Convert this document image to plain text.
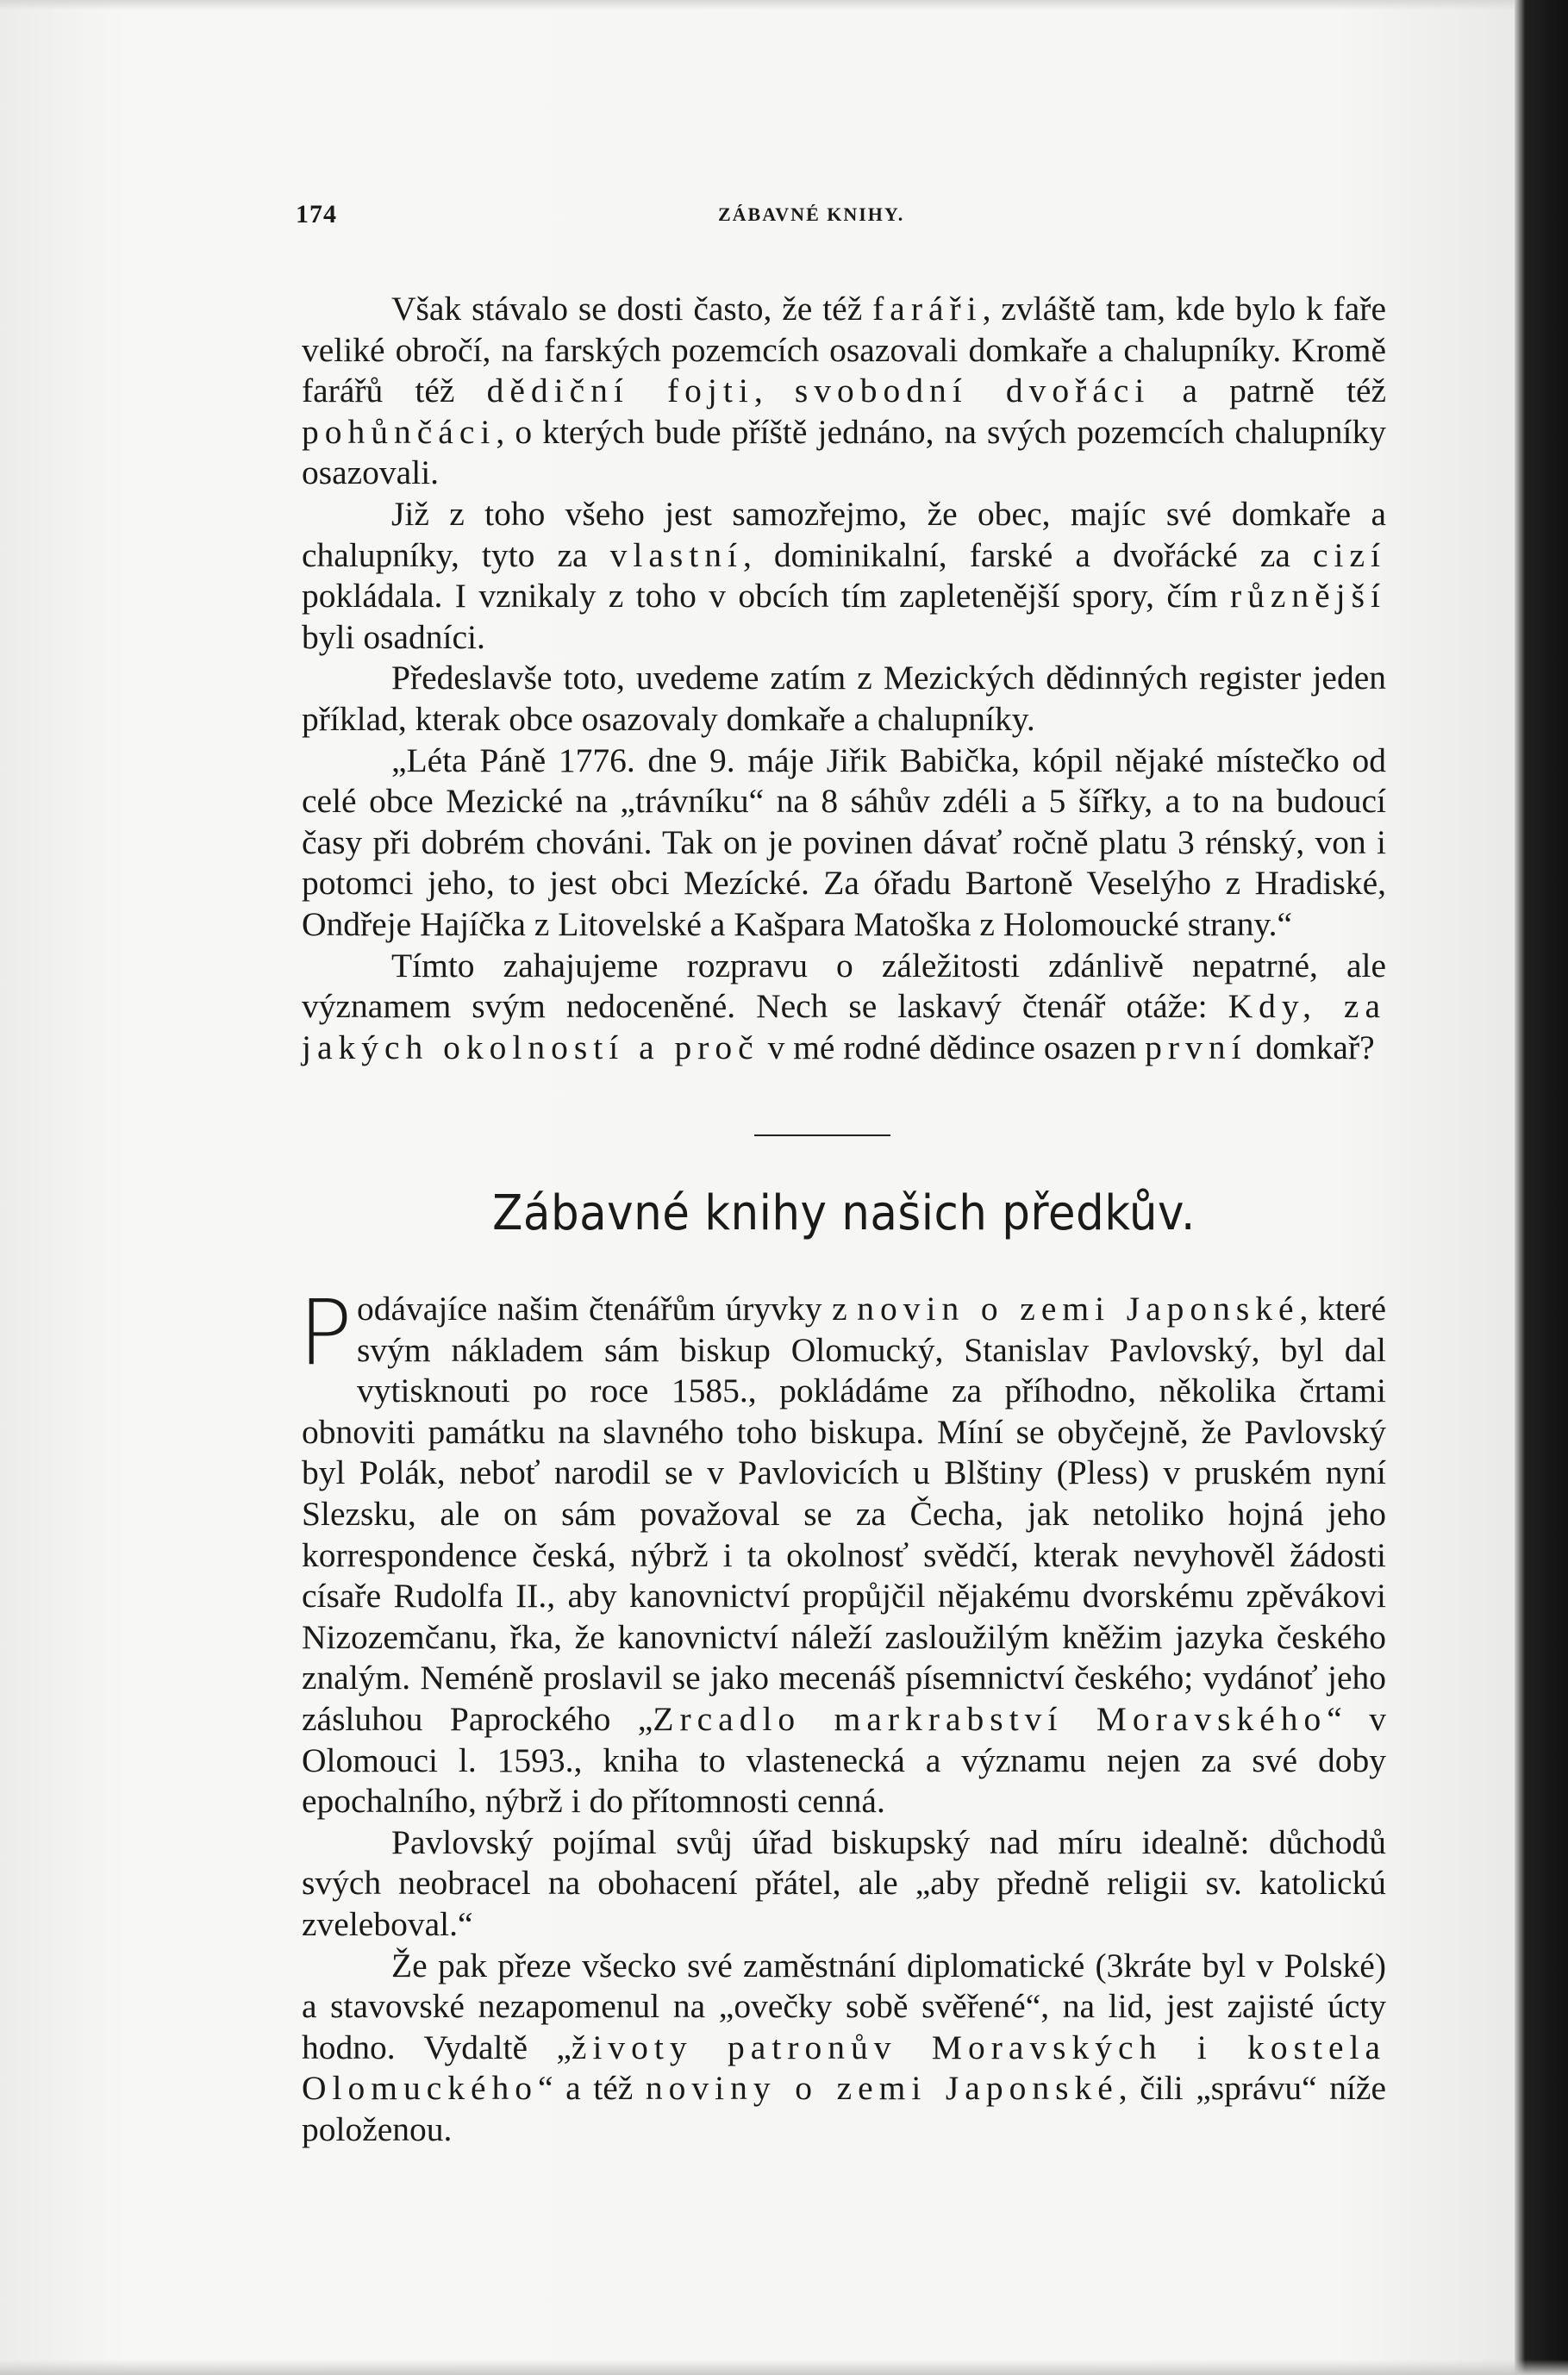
174	ZÁBAVNÉ KNIHY.

Však stávalo se dosti často, že též faráři, zvláště tam, kde bylo k faře veliké obročí, na farských pozemcích osazovali domkaře a chalupníky. Kromě farářů též dědiční fojti, svobodní dvořáci a patrně též pohůnčáci, o kterých bude příště jednáno, na svých pozemcích chalupníky osazovali.

Již z toho všeho jest samozřejmo, že obec, majíc své domkaře a chalupníky, tyto za vlastní, dominikalní, farské a dvořácké za cizí pokládala. I vznikaly z toho v obcích tím zapletenější spory, čím různější byli osadníci.

Předeslavše toto, uvedeme zatím z Mezických dědinných register jeden příklad, kterak obce osazovaly domkaře a chalupníky.

„Léta Páně 1776. dne 9. máje Jiřik Babička, kópil nějaké místečko od celé obce Mezické na „trávníku“ na 8 sáhův zdéli a 5 šířky, a to na budoucí časy při dobrém chováni. Tak on je povinen dávať ročně platu 3 rénský, von i potomci jeho, to jest obci Mezícké. Za óřadu Bartoně Veselýho z Hradiské, Ondřeje Hajíčka z Litovelské a Kašpara Matoška z Holomoucké strany.“

Tímto zahajujeme rozpravu o záležitosti zdánlivě nepatrné, ale významem svým nedoceněné. Nech se laskavý čtenář otáže: Kdy, za jakých okolností a proč v mé rodné dědince osazen první domkař?

Zábavné knihy našich předkův.

Podávajíce našim čtenářům úryvky z novin o zemi Japonské, které svým nákladem sám biskup Olomucký, Stanislav Pavlovský, byl dal vytisknouti po roce 1585., pokládáme za příhodno, několika črtami obnoviti památku na slavného toho biskupa. Míní se obyčejně, že Pavlovský byl Polák, neboť narodil se v Pavlovicích u Blštiny (Pless) v pruském nyní Slezsku, ale on sám považoval se za Čecha, jak netoliko hojná jeho korrespondence česká, nýbrž i ta okolnosť svědčí, kterak nevyhověl žádosti císaře Rudolfa II., aby kanovnictví propůjčil nějakému dvorskému zpěvákovi Nizozemčanu, řka, že kanovnictví náleží zasloužilým kněžim jazyka českého znalým. Neméně proslavil se jako mecenáš písemnictví českého; vydánoť jeho zásluhou Paprockého „Zrcadlo markrabství Moravského“ v Olomouci l. 1593., kniha to vlastenecká a významu nejen za své doby epochalního, nýbrž i do přítomnosti cenná.

Pavlovský pojímal svůj úřad biskupský nad míru idealně: důchodů svých neobracel na obohacení přátel, ale „aby předně religii sv. katolickú zveleboval.“

Že pak přeze všecko své zaměstnání diplomatické (3kráte byl v Polské) a stavovské nezapomenul na „ovečky sobě svěřené“, na lid, jest zajisté úcty hodno. Vydaltě „životy patronův Moravských i kostela Olomuckého“ a též noviny o zemi Japonské, čili „správu“ níže položenou.
